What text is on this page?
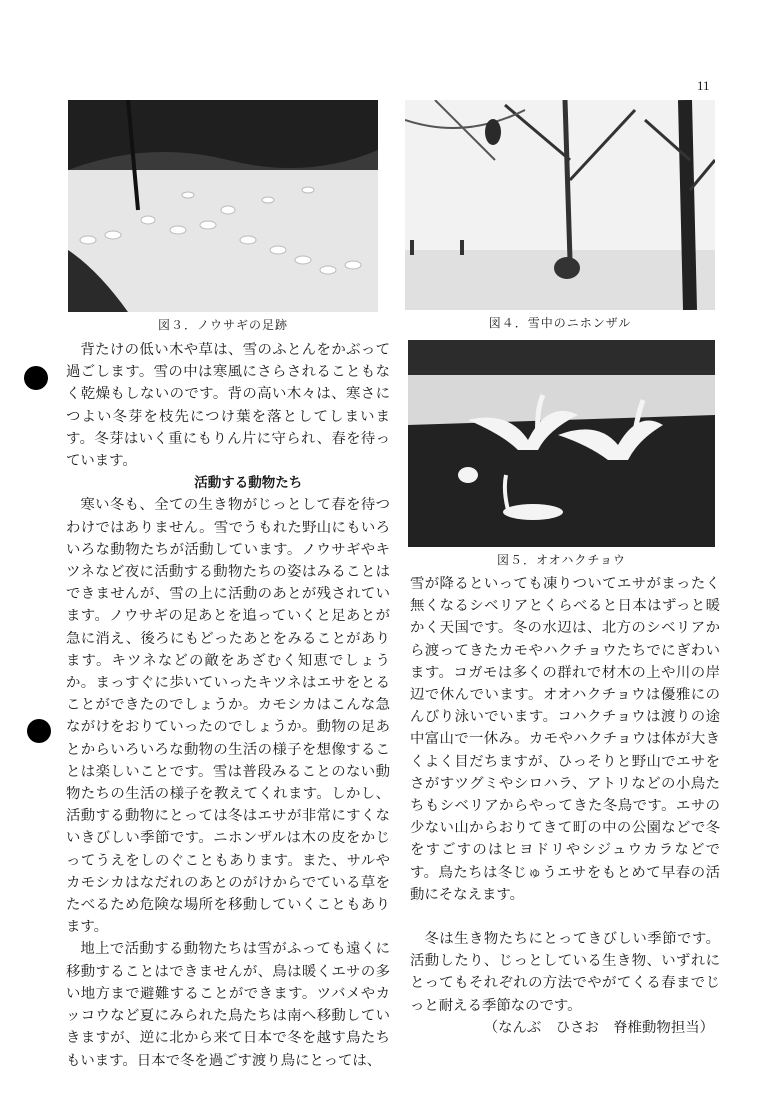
11
図３．ノウサギの足跡	図４．雪中のニホンザル
図５．オオハクチョウ

背たけの低い木や草は、雪のふとんをかぶって過ごします。雪の中は寒風にさらされることもなく乾燥もしないのです。背の高い木々は、寒さにつよい冬芽を枝先につけ葉を落としてしまいます。冬芽はいく重にもりん片に守られ、春を待っています。

活動する動物たち

寒い冬も、全ての生き物がじっとして春を待つわけではありません。雪でうもれた野山にもいろいろな動物たちが活動しています。ノウサギやキツネなど夜に活動する動物たちの姿はみることはできませんが、雪の上に活動のあとが残されています。ノウサギの足あとを追っていくと足あとが急に消え、後ろにもどったあとをみることがあります。キツネなどの敵をあざむく知恵でしょうか。まっすぐに歩いていったキツネはエサをとることができたのでしょうか。カモシカはこんな急ながけをおりていったのでしょうか。動物の足あとからいろいろな動物の生活の様子を想像することは楽しいことです。雪は普段みることのない動物たちの生活の様子を教えてくれます。しかし、活動する動物にとっては冬はエサが非常にすくないきびしい季節です。ニホンザルは木の皮をかじってうえをしのぐこともあります。また、サルやカモシカはなだれのあとのがけからでている草をたべるため危険な場所を移動していくこともあります。

地上で活動する動物たちは雪がふっても遠くに移動することはできませんが、鳥は暖くエサの多い地方まで避難することができます。ツバメやカッコウなど夏にみられた鳥たちは南へ移動していきますが、逆に北から来て日本で冬を越す鳥たちもいます。日本で冬を過ごす渡り鳥にとっては、

雪が降るといっても凍りついてエサがまったく無くなるシベリアとくらべると日本はずっと暖かく天国です。冬の水辺は、北方のシベリアから渡ってきたカモやハクチョウたちでにぎわいます。コガモは多くの群れで材木の上や川の岸辺で休んでいます。オオハクチョウは優雅にのんびり泳いでいます。コハクチョウは渡りの途中富山で一休み。カモやハクチョウは体が大きくよく目だちますが、ひっそりと野山でエサをさがすツグミやシロハラ、アトリなどの小鳥たちもシベリアからやってきた冬鳥です。エサの少ない山からおりてきて町の中の公園などで冬をすごすのはヒヨドリやシジュウカラなどです。鳥たちは冬じゅうエサをもとめて早春の活動にそなえます。

冬は生き物たちにとってきびしい季節です。活動したり、じっとしている生き物、いずれにとってもそれぞれの方法でやがてくる春までじっと耐える季節なのです。

（なんぶ　ひさお　脊椎動物担当）
